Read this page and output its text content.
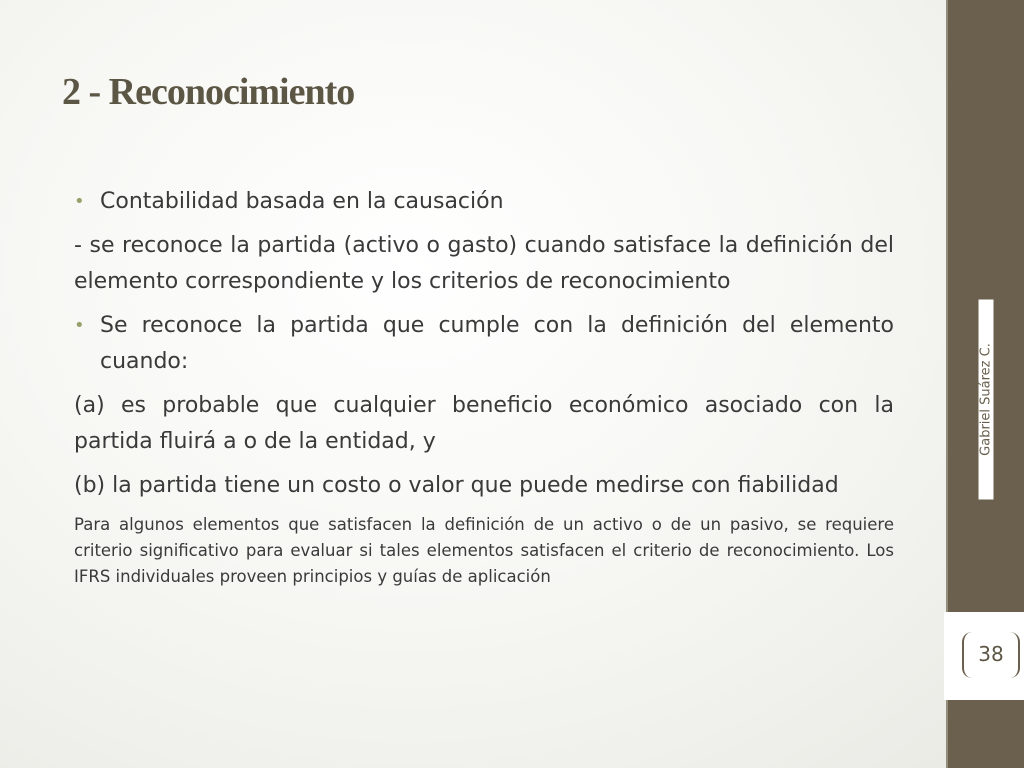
2 - Reconocimiento

• Contabilidad basada en la causación

- se reconoce la partida (activo o gasto) cuando satisface la definición del elemento correspondiente y los criterios de reconocimiento

• Se reconoce la partida que cumple con la definición del elemento cuando:

(a) es probable que cualquier beneficio económico asociado con la partida fluirá a o de la entidad, y

(b) la partida tiene un costo o valor que puede medirse con fiabilidad

Para algunos elementos que satisfacen la definición de un activo o de un pasivo, se requiere criterio significativo para evaluar si tales elementos satisfacen el criterio de reconocimiento. Los IFRS individuales proveen principios y guías de aplicación

Gabriel Suárez C.
38
